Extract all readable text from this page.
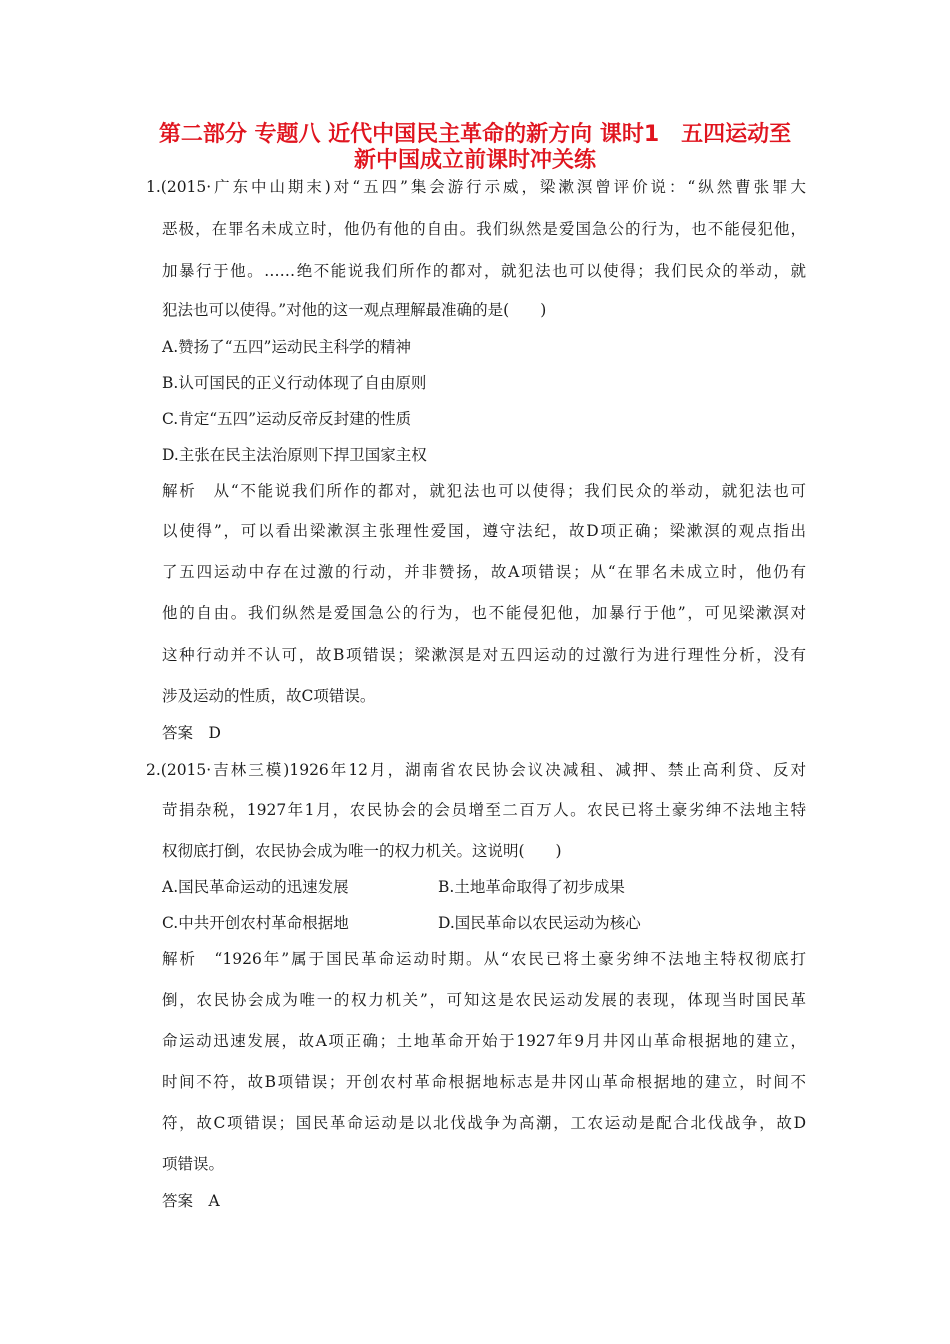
第二部分 专题八 近代中国民主革命的新方向 课时1　五四运动至
新中国成立前课时冲关练
1.(2015·广东中山期末)对“五四”集会游行示威，梁漱溟曾评价说：“纵然曹张罪大
恶极，在罪名未成立时，他仍有他的自由。我们纵然是爱国急公的行为，也不能侵犯他，
加暴行于他。……绝不能说我们所作的都对，就犯法也可以使得；我们民众的举动，就
犯法也可以使得。”对他的这一观点理解最准确的是(　　)
A.赞扬了“五四”运动民主科学的精神
B.认可国民的正义行动体现了自由原则
C.肯定“五四”运动反帝反封建的性质
D.主张在民主法治原则下捍卫国家主权
解析　从“不能说我们所作的都对，就犯法也可以使得；我们民众的举动，就犯法也可
以使得”，可以看出梁漱溟主张理性爱国，遵守法纪，故D项正确；梁漱溟的观点指出
了五四运动中存在过激的行动，并非赞扬，故A项错误；从“在罪名未成立时，他仍有
他的自由。我们纵然是爱国急公的行为，也不能侵犯他，加暴行于他”，可见梁漱溟对
这种行动并不认可，故B项错误；梁漱溟是对五四运动的过激行为进行理性分析，没有
涉及运动的性质，故C项错误。
答案　D
2.(2015·吉林三模)1926年12月，湖南省农民协会议决减租、减押、禁止高利贷、反对
苛捐杂税，1927年1月，农民协会的会员增至二百万人。农民已将土豪劣绅不法地主特
权彻底打倒，农民协会成为唯一的权力机关。这说明(　　)
A.国民革命运动的迅速发展	B.土地革命取得了初步成果
C.中共开创农村革命根据地	D.国民革命以农民运动为核心
解析　“1926年”属于国民革命运动时期。从“农民已将土豪劣绅不法地主特权彻底打
倒，农民协会成为唯一的权力机关”，可知这是农民运动发展的表现，体现当时国民革
命运动迅速发展，故A项正确；土地革命开始于1927年9月井冈山革命根据地的建立，
时间不符，故B项错误；开创农村革命根据地标志是井冈山革命根据地的建立，时间不
符，故C项错误；国民革命运动是以北伐战争为高潮，工农运动是配合北伐战争，故D
项错误。
答案　A
